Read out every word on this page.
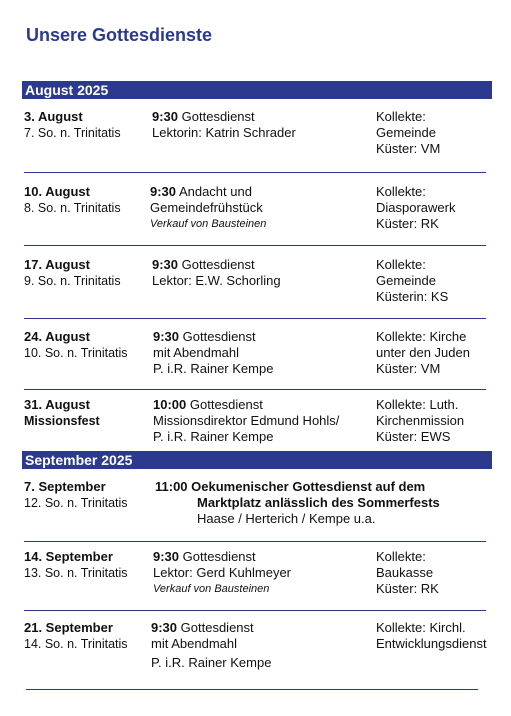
Unsere Gottesdienste
August 2025
3. August
7. So. n. Trinitatis
9:30 Gottesdienst
Lektorin: Katrin Schrader
Kollekte:
Gemeinde
Küster: VM
10. August
8. So. n. Trinitatis
9:30 Andacht und
Gemeindefrühstück
Verkauf von Bausteinen
Kollekte:
Diasporawerk
Küster: RK
17. August
9. So. n. Trinitatis
9:30 Gottesdienst
Lektor: E.W. Schorling
Kollekte:
Gemeinde
Küsterin: KS
24. August
10. So. n. Trinitatis
9:30 Gottesdienst
mit Abendmahl
P. i.R. Rainer Kempe
Kollekte: Kirche
unter den Juden
Küster: VM
31. August
Missionsfest
10:00 Gottesdienst
Missionsdirektor Edmund Hohls/
P. i.R. Rainer Kempe
Kollekte: Luth.
Kirchenmission
Küster: EWS
September 2025
7. September
12. So. n. Trinitatis
11:00 Oekumenischer Gottesdienst auf dem
Marktplatz anlässlich des Sommerfests
Haase / Herterich / Kempe u.a.
14. September
13. So. n. Trinitatis
9:30 Gottesdienst
Lektor: Gerd Kuhlmeyer
Verkauf von Bausteinen
Kollekte:
Baukasse
Küster: RK
21. September
14. So. n. Trinitatis
9:30 Gottesdienst
mit Abendmahl
P. i.R. Rainer Kempe
Kollekte: Kirchl.
Entwicklungsdienst
